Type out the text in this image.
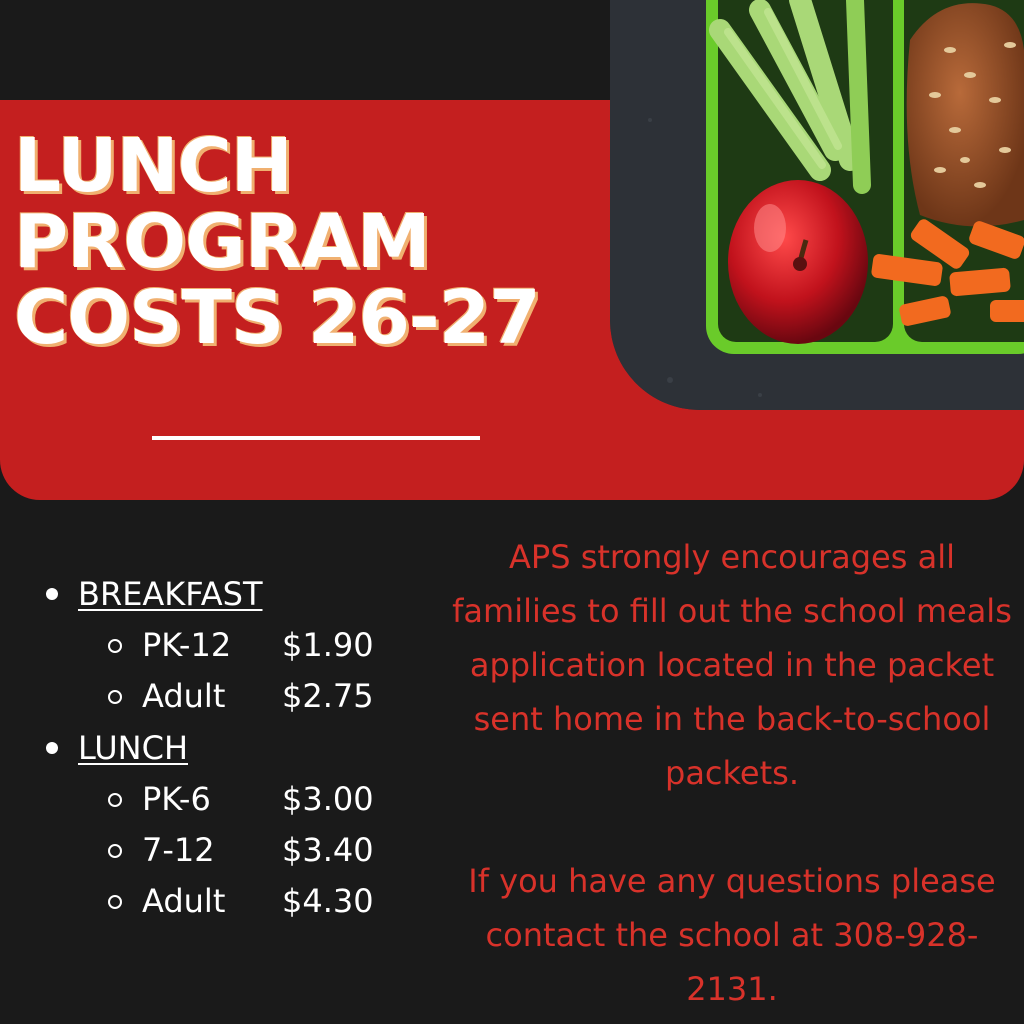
LUNCH
PROGRAM
COSTS 26-27
BREAKFAST
PK-12 $1.90
Adult $2.75
LUNCH
PK-6 $3.00
7-12 $3.40
Adult $4.30

APS strongly encourages all families to fill out the school meals application located in the packet sent home in the back-to-school packets.

If you have any questions please contact the school at 308-928-2131.
